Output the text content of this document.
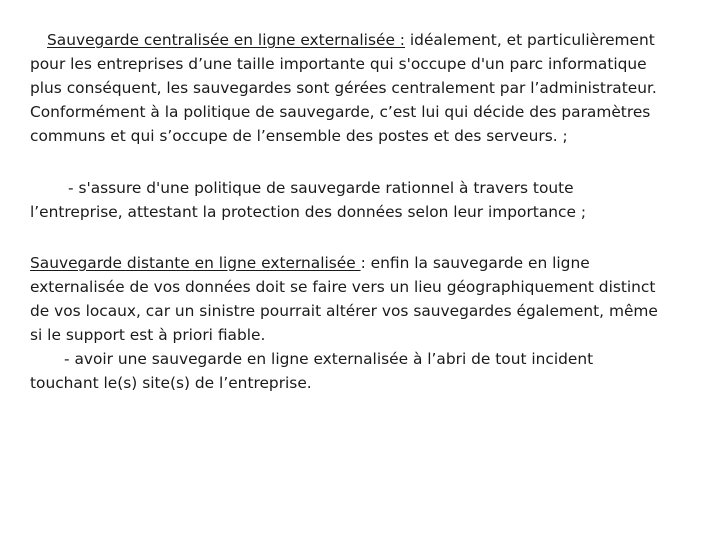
Sauvegarde centralisée en ligne externalisée : idéalement, et particulièrement
pour les entreprises d’une taille importante qui s'occupe d'un parc informatique
plus conséquent, les sauvegardes sont gérées centralement par l’administrateur.
Conformément à la politique de sauvegarde, c’est lui qui décide des paramètres
communs et qui s’occupe de l’ensemble des postes et des serveurs. ;

- s'assure d'une politique de sauvegarde rationnel à travers toute
l’entreprise, attestant la protection des données selon leur importance ;

Sauvegarde distante en ligne externalisée : enfin la sauvegarde en ligne
externalisée de vos données doit se faire vers un lieu géographiquement distinct
de vos locaux, car un sinistre pourrait altérer vos sauvegardes également, même
si le support est à priori fiable.
- avoir une sauvegarde en ligne externalisée à l’abri de tout incident
touchant le(s) site(s) de l’entreprise.
